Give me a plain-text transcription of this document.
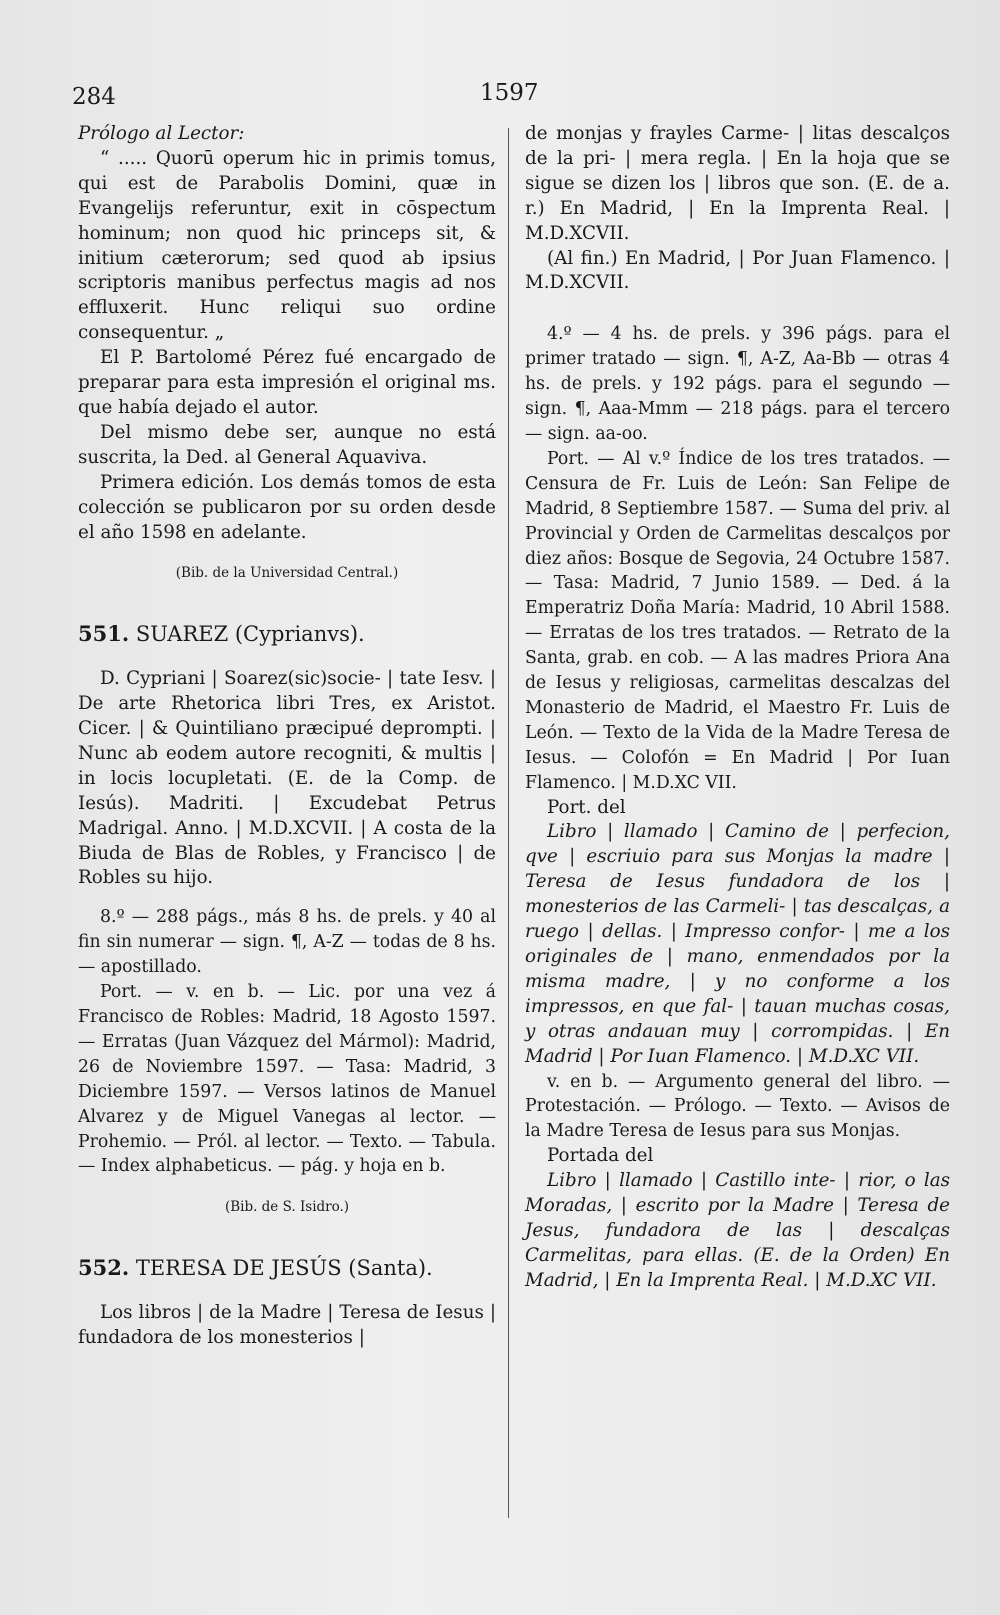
284	1597

Prólogo al Lector:

“ ..... Quorū operum hic in primis tomus, qui est de Parabolis Domini, quæ in Evangelijs referuntur, exit in cōspectum hominum; non quod hic princeps sit, & initium cæterorum; sed quod ab ipsius scriptoris manibus perfectus magis ad nos effluxerit. Hunc reliqui suo ordine consequentur. „

El P. Bartolomé Pérez fué encargado de preparar para esta impresión el original ms. que había dejado el autor.

Del mismo debe ser, aunque no está suscrita, la Ded. al General Aquaviva.

Primera edición. Los demás tomos de esta colección se publicaron por su orden desde el año 1598 en adelante.

(Bib. de la Universidad Central.)

551. SUAREZ (Cyprianvs).

D. Cypriani | Soarez(sic)socie- | tate Iesv. | De arte Rhetorica libri Tres, ex Aristot. Cicer. | & Quintiliano præcipué deprompti. | Nunc ab eodem autore recogniti, & multis | in locis locupletati. (E. de la Comp. de Iesús). Madriti. | Excudebat Petrus Madrigal. Anno. | M.D.XCVII. | A costa de la Biuda de Blas de Robles, y Francisco | de Robles su hijo.

8.º — 288 págs., más 8 hs. de prels. y 40 al fin sin numerar — sign. ¶, A-Z — todas de 8 hs. — apostillado.

Port. — v. en b. — Lic. por una vez á Francisco de Robles: Madrid, 18 Agosto 1597. — Erratas (Juan Vázquez del Mármol): Madrid, 26 de Noviembre 1597. — Tasa: Madrid, 3 Diciembre 1597. — Versos latinos de Manuel Alvarez y de Miguel Vanegas al lector. — Prohemio. — Pról. al lector. — Texto. — Tabula. — Index alphabeticus. — pág. y hoja en b.

(Bib. de S. Isidro.)

552. TERESA DE JESÚS (Santa).

Los libros | de la Madre | Teresa de Iesus | fundadora de los monesterios |

de monjas y frayles Carme- | litas descalços de la pri- | mera regla. | En la hoja que se sigue se dizen los | libros que son. (E. de a. r.) En Madrid, | En la Imprenta Real. | M.D.XCVII.

(Al fin.) En Madrid, | Por Juan Flamenco. | M.D.XCVII.

4.º — 4 hs. de prels. y 396 págs. para el primer tratado — sign. ¶, A-Z, Aa-Bb — otras 4 hs. de prels. y 192 págs. para el segundo — sign. ¶, Aaa-Mmm — 218 págs. para el tercero — sign. aa-oo.

Port. — Al v.º Índice de los tres tratados. — Censura de Fr. Luis de León: San Felipe de Madrid, 8 Septiembre 1587. — Suma del priv. al Provincial y Orden de Carmelitas descalços por diez años: Bosque de Segovia, 24 Octubre 1587. — Tasa: Madrid, 7 Junio 1589. — Ded. á la Emperatriz Doña María: Madrid, 10 Abril 1588. — Erratas de los tres tratados. — Retrato de la Santa, grab. en cob. — A las madres Priora Ana de Iesus y religiosas, carmelitas descalzas del Monasterio de Madrid, el Maestro Fr. Luis de León. — Texto de la Vida de la Madre Teresa de Iesus. — Colofón = En Madrid | Por Iuan Flamenco. | M.D.XC VII.

Port. del

Libro | llamado | Camino de | perfecion, qve | escriuio para sus Monjas la madre | Teresa de Iesus fundadora de los | monesterios de las Carmeli- | tas descalças, a ruego | dellas. | Impresso confor- | me a los originales de | mano, enmendados por la misma madre, | y no conforme a los impressos, en que fal- | tauan muchas cosas, y otras andauan muy | corrompidas. | En Madrid | Por Iuan Flamenco. | M.D.XC VII.

v. en b. — Argumento general del libro. — Protestación. — Prólogo. — Texto. — Avisos de la Madre Teresa de Iesus para sus Monjas.

Portada del

Libro | llamado | Castillo inte- | rior, o las Moradas, | escrito por la Madre | Teresa de Jesus, fundadora de las | descalças Carmelitas, para ellas. (E. de la Orden) En Madrid, | En la Imprenta Real. | M.D.XC VII.
